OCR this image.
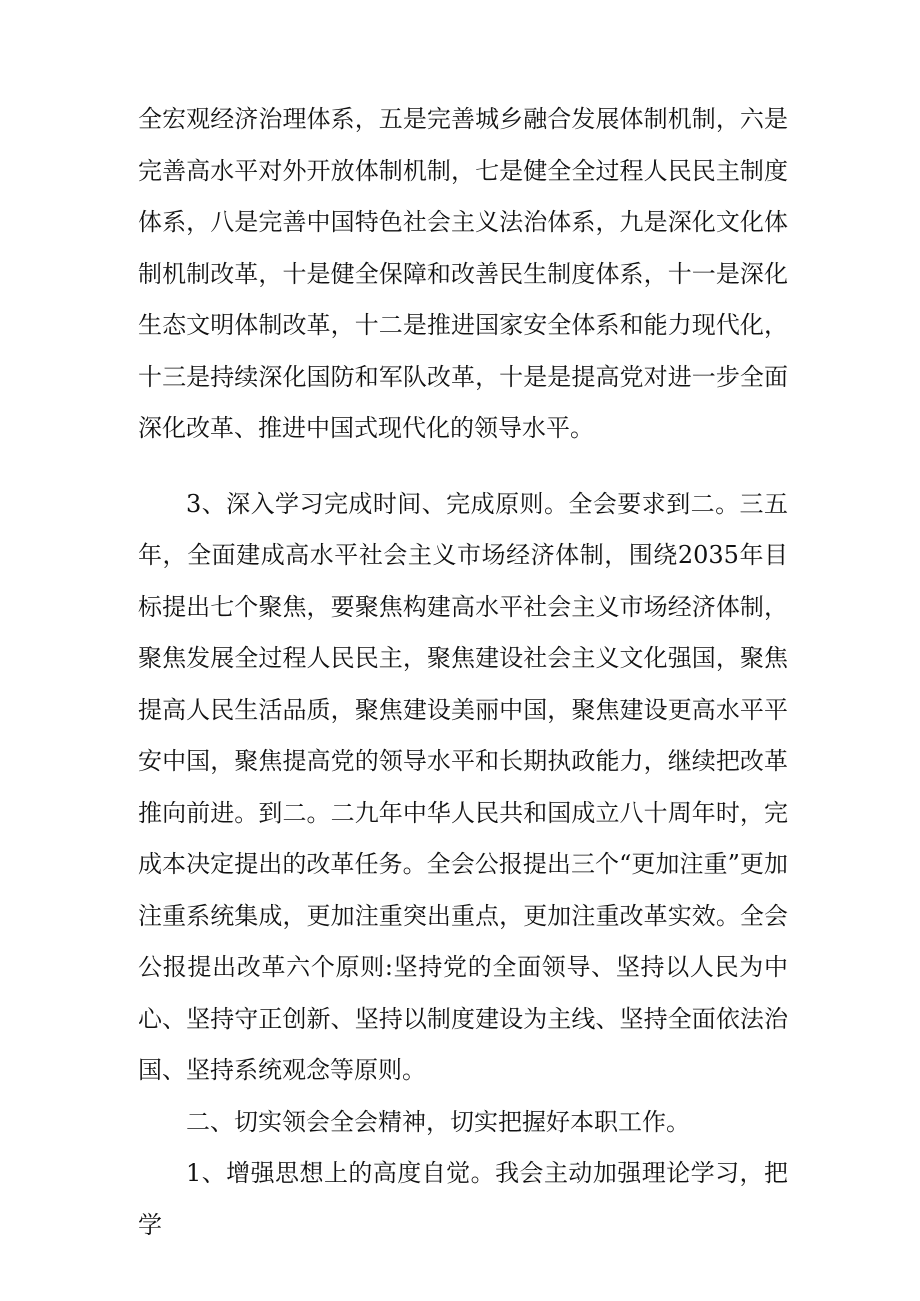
全宏观经济治理体系，五是完善城乡融合发展体制机制，六是完善高水平对外开放体制机制，七是健全全过程人民民主制度体系，八是完善中国特色社会主义法治体系，九是深化文化体制机制改革，十是健全保障和改善民生制度体系，十一是深化生态文明体制改革，十二是推进国家安全体系和能力现代化，十三是持续深化国防和军队改革，十是是提高党对进一步全面深化改革、推进中国式现代化的领导水平。

3、深入学习完成时间、完成原则。全会要求到二。三五年，全面建成高水平社会主义市场经济体制，围绕2035年目标提出七个聚焦，要聚焦构建高水平社会主义市场经济体制，聚焦发展全过程人民民主，聚焦建设社会主义文化强国，聚焦提高人民生活品质，聚焦建设美丽中国，聚焦建设更高水平平安中国，聚焦提高党的领导水平和长期执政能力，继续把改革推向前进。到二。二九年中华人民共和国成立八十周年时，完成本决定提出的改革任务。全会公报提出三个“更加注重”更加注重系统集成，更加注重突出重点，更加注重改革实效。全会公报提出改革六个原则:坚持党的全面领导、坚持以人民为中心、坚持守正创新、坚持以制度建设为主线、坚持全面依法治国、坚持系统观念等原则。

二、切实领会全会精神，切实把握好本职工作。

1、增强思想上的高度自觉。我会主动加强理论学习，把学
